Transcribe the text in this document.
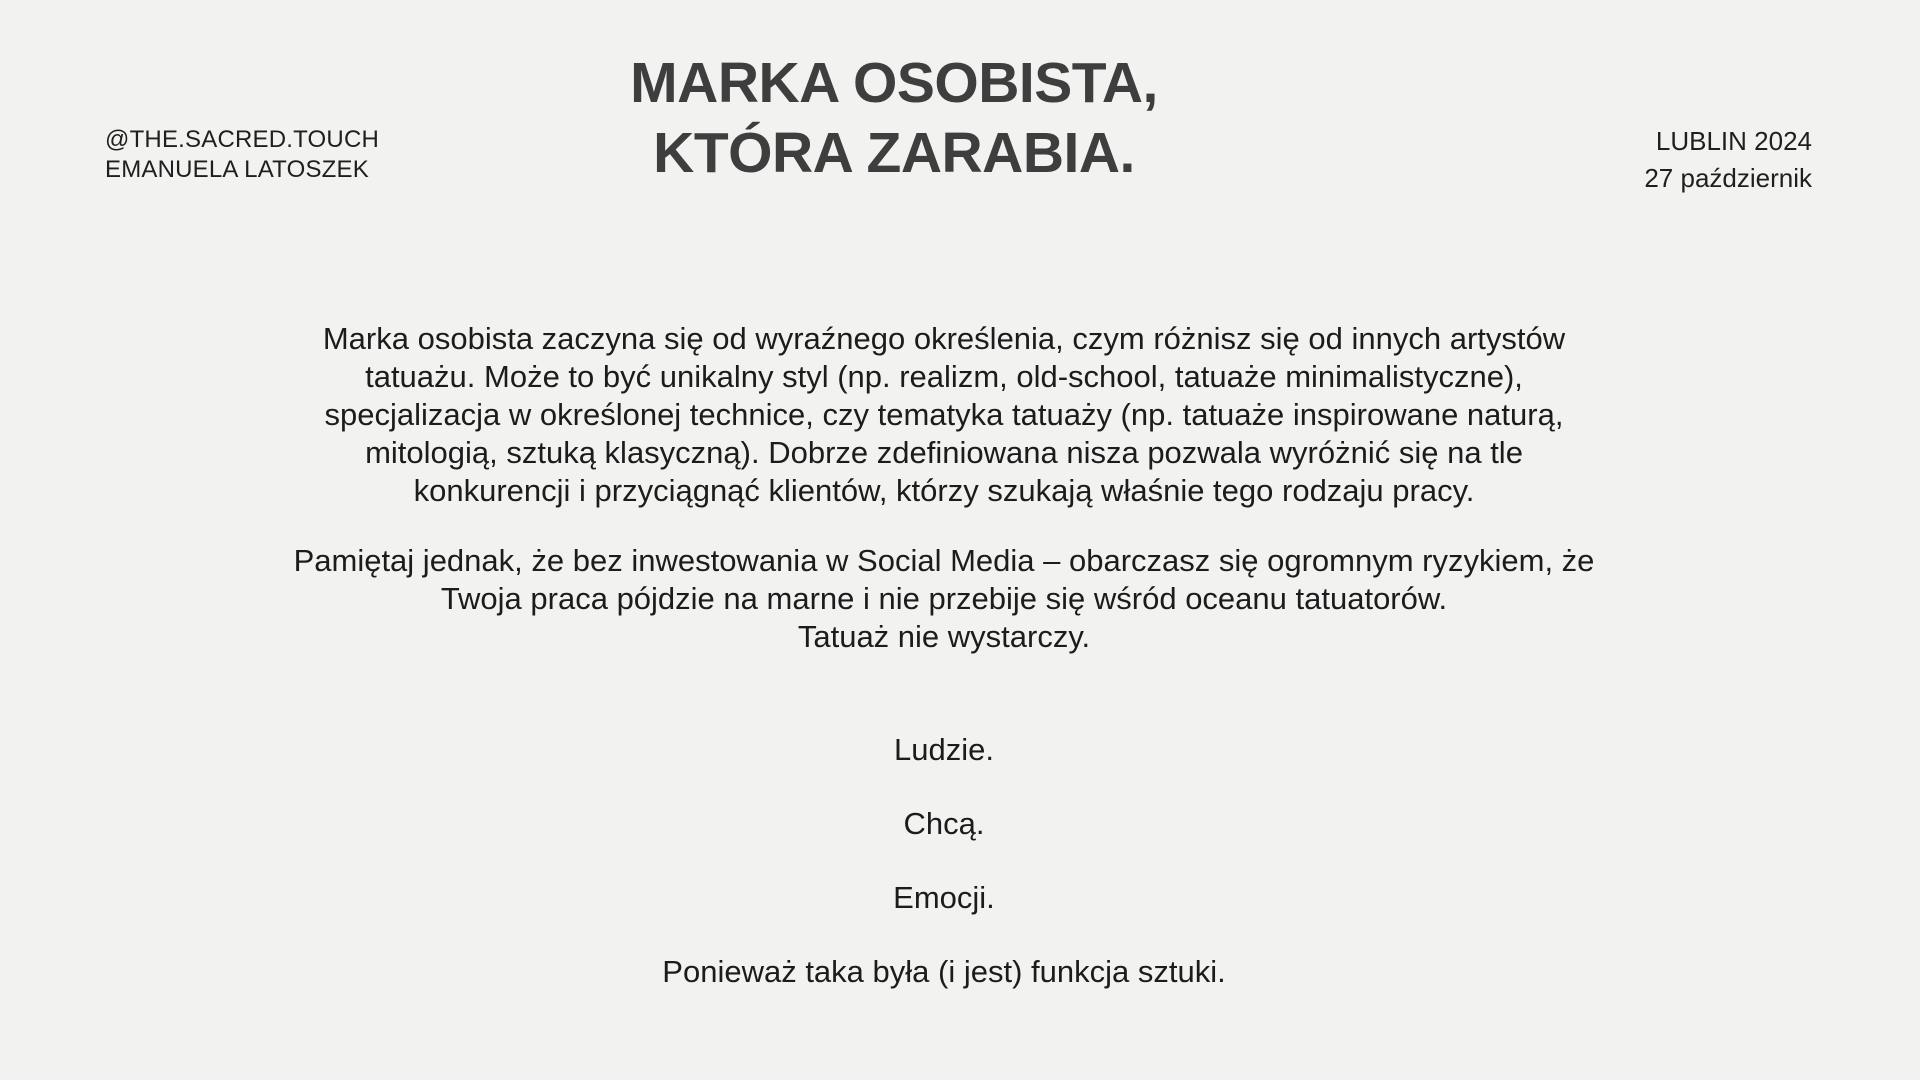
@THE.SACRED.TOUCH
EMANUELA LATOSZEK
LUBLIN 2024
27 październik
MARKA OSOBISTA,
KTÓRA ZARABIA.
Marka osobista zaczyna się od wyraźnego określenia, czym różnisz się od innych artystów
tatuażu. Może to być unikalny styl (np. realizm, old-school, tatuaże minimalistyczne),
specjalizacja w określonej technice, czy tematyka tatuaży (np. tatuaże inspirowane naturą,
mitologią, sztuką klasyczną). Dobrze zdefiniowana nisza pozwala wyróżnić się na tle
konkurencji i przyciągnąć klientów, którzy szukają właśnie tego rodzaju pracy.
Pamiętaj jednak, że bez inwestowania w Social Media – obarczasz się ogromnym ryzykiem, że
Twoja praca pójdzie na marne i nie przebije się wśród oceanu tatuatorów.
Tatuaż nie wystarczy.
Ludzie.
Chcą.
Emocji.
Ponieważ taka była (i jest) funkcja sztuki.
